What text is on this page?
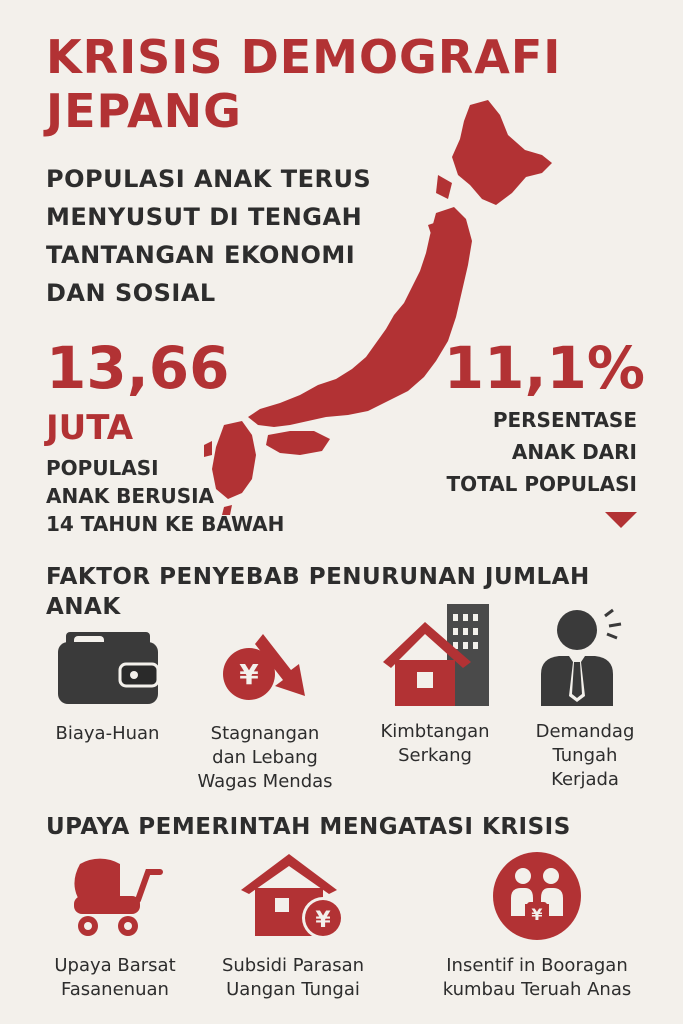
KRISIS DEMOGRAFI
JEPANG
POPULASI ANAK TERUS
MENYUSUT DI TENGAH
TANTANGAN EKONOMI
DAN SOSIAL
13,66
JUTA
POPULASI
ANAK BERUSIA
14 TAHUN KE BAWAH
11,1%
PERSENTASE
ANAK DARI
TOTAL POPULASI
FAKTOR PENYEBAB PENURUNAN JUMLAH
ANAK
Biaya-Huan
¥
Stagnangan
dan Lebang
Wagas Mendas
Kimbtangan
Serkang
Demandag
Tungah
Kerjada
UPAYA PEMERINTAH MENGATASI KRISIS
Upaya Barsat
Fasanenuan
¥
Subsidi Parasan
Uangan Tungai
¥
Insentif in Booragan
kumbau Teruah Anas
